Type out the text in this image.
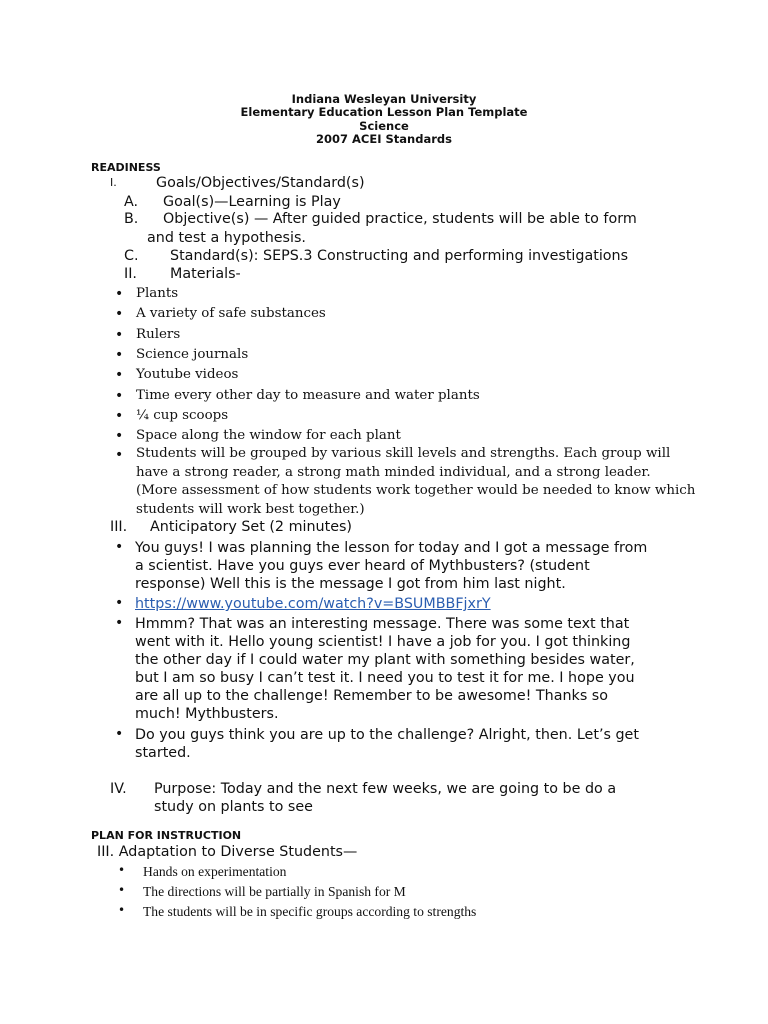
Indiana Wesleyan University
Elementary Education Lesson Plan Template
Science
2007 ACEI Standards
READINESS
I.	Goals/Objectives/Standard(s)
A. Goal(s)—Learning is Play
B. Objective(s) — After guided practice, students will be able to form
and test a hypothesis.
C. Standard(s): SEPS.3 Constructing and performing investigations
II. Materials-
• Plants
• A variety of safe substances
• Rulers
• Science journals
• Youtube videos
• Time every other day to measure and water plants
• ¼ cup scoops
• Space along the window for each plant
• Students will be grouped by various skill levels and strengths. Each group will
have a strong reader, a strong math minded individual, and a strong leader.
(More assessment of how students work together would be needed to know which
students will work best together.)
III. Anticipatory Set (2 minutes)
• You guys! I was planning the lesson for today and I got a message from
a scientist. Have you guys ever heard of Mythbusters? (student
response) Well this is the message I got from him last night.
• https://www.youtube.com/watch?v=BSUMBBFjxrY
• Hmmm? That was an interesting message. There was some text that
went with it. Hello young scientist! I have a job for you. I got thinking
the other day if I could water my plant with something besides water,
but I am so busy I can’t test it. I need you to test it for me. I hope you
are all up to the challenge! Remember to be awesome! Thanks so
much! Mythbusters.
• Do you guys think you are up to the challenge? Alright, then. Let’s get
started.
IV. Purpose: Today and the next few weeks, we are going to be do a
study on plants to see
PLAN FOR INSTRUCTION
III. Adaptation to Diverse Students—
• Hands on experimentation
• The directions will be partially in Spanish for M
• The students will be in specific groups according to strengths
